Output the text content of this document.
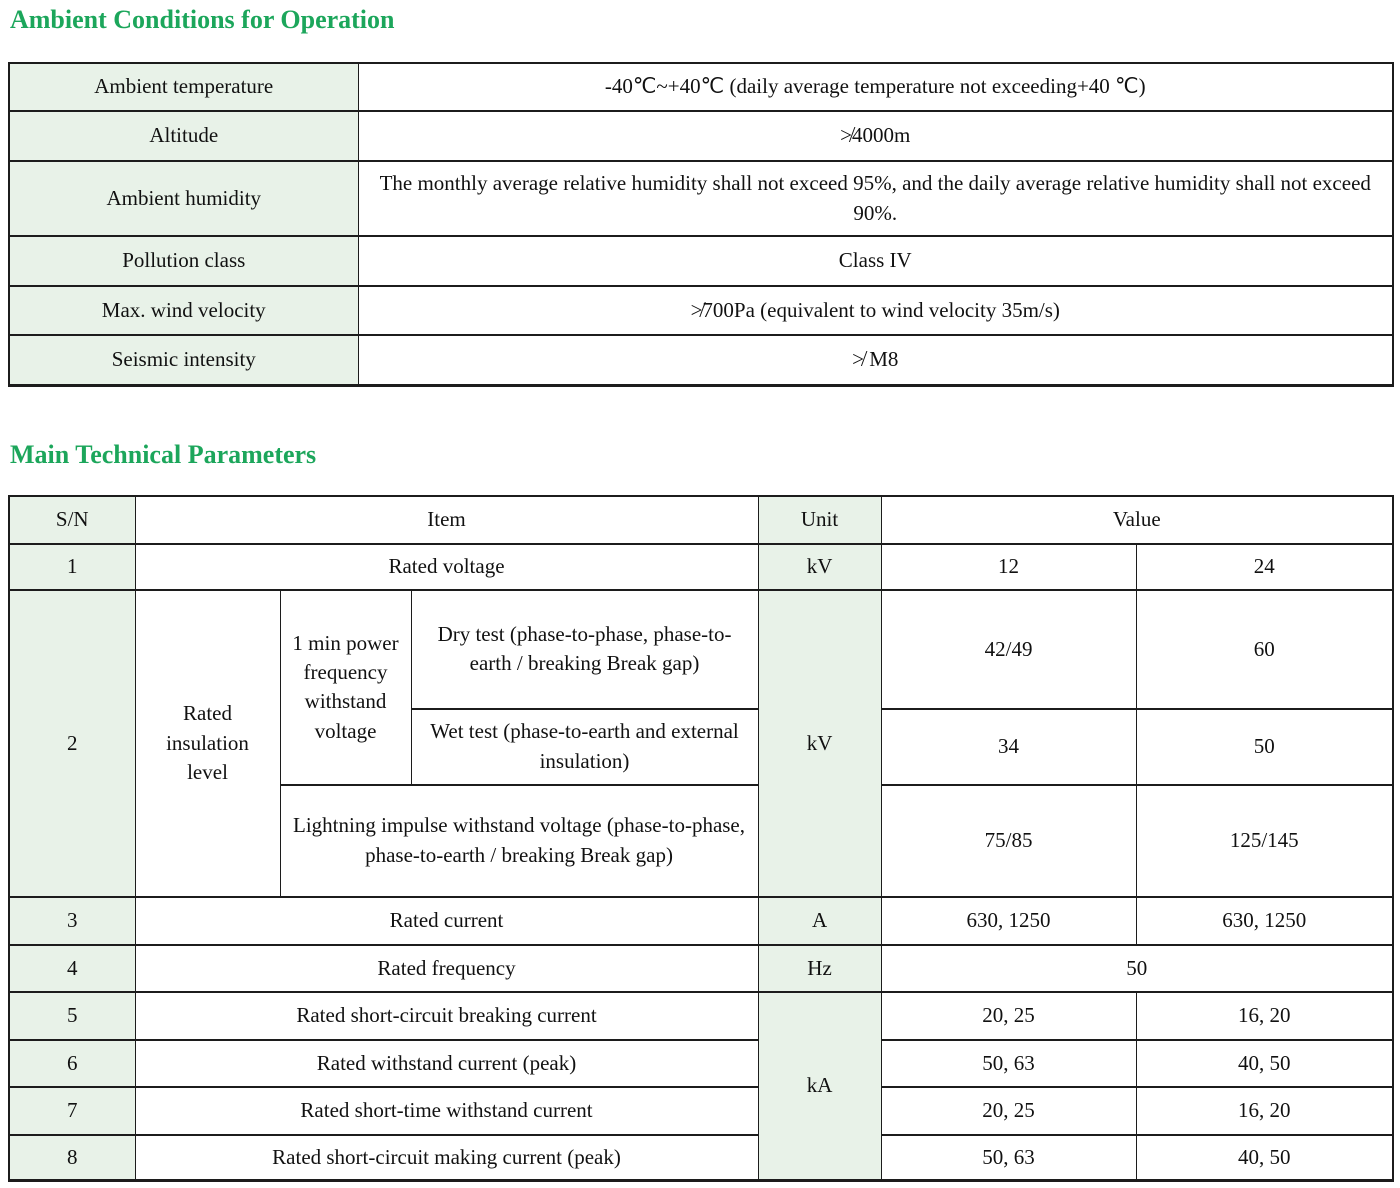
Ambient Conditions for Operation
Ambient temperature	-40℃~+40℃ (daily average temperature not exceeding+40 ℃)
Altitude	≯4000m
Ambient humidity	The monthly average relative humidity shall not exceed 95%, and the daily average relative humidity shall not exceed 90%.
Pollution class	Class IV
Max. wind velocity	≯700Pa (equivalent to wind velocity 35m/s)
Seismic intensity	≯ M8
Main Technical Parameters
S/N	Item			Unit	Value	
1	Rated voltage			kV	12	24
2	Rated insulation level	1 min power frequency withstand voltage	Dry test (phase-to-phase, phase-to-earth / breaking Break gap)	kV	42/49	60
			Wet test (phase-to-earth and external insulation)		34	50
		Lightning impulse withstand voltage (phase-to-phase, phase-to-earth / breaking Break gap)			75/85	125/145
3	Rated current			A	630, 1250	630, 1250
4	Rated frequency			Hz	50	
5	Rated short-circuit breaking current			kA	20, 25	16, 20
6	Rated withstand current (peak)				50, 63	40, 50
7	Rated short-time withstand current				20, 25	16, 20
8	Rated short-circuit making current (peak)				50, 63	40, 50
